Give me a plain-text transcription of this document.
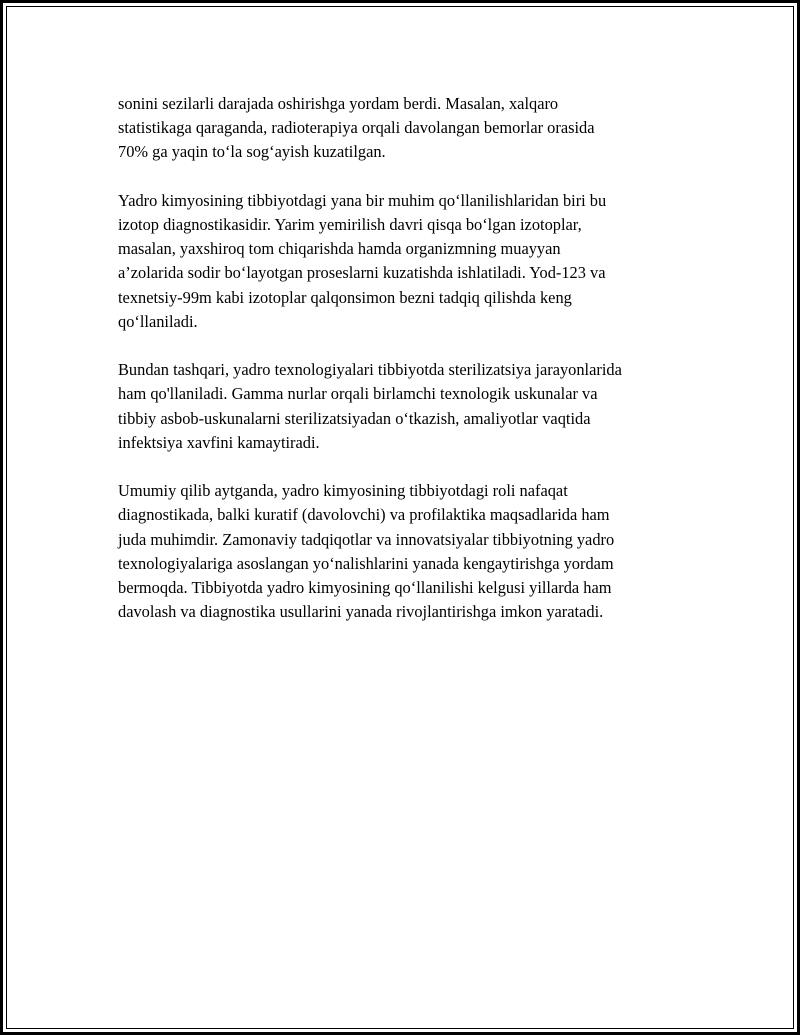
sonini sezilarli darajada oshirishga yordam berdi. Masalan, xalqaro
statistikaga qaraganda, radioterapiya orqali davolangan bemorlar orasida
70% ga yaqin to‘la sog‘ayish kuzatilgan.

Yadro kimyosining tibbiyotdagi yana bir muhim qo‘llanilishlaridan biri bu
izotop diagnostikasidir. Yarim yemirilish davri qisqa bo‘lgan izotoplar,
masalan, yaxshiroq tom chiqarishda hamda organizmning muayyan
a’zolarida sodir bo‘layotgan proseslarni kuzatishda ishlatiladi. Yod-123 va
texnetsiy-99m kabi izotoplar qalqonsimon bezni tadqiq qilishda keng
qo‘llaniladi.

Bundan tashqari, yadro texnologiyalari tibbiyotda sterilizatsiya jarayonlarida
ham qo'llaniladi. Gamma nurlar orqali birlamchi texnologik uskunalar va
tibbiy asbob-uskunalarni sterilizatsiyadan o‘tkazish, amaliyotlar vaqtida
infektsiya xavfini kamaytiradi.

Umumiy qilib aytganda, yadro kimyosining tibbiyotdagi roli nafaqat
diagnostikada, balki kuratif (davolovchi) va profilaktika maqsadlarida ham
juda muhimdir. Zamonaviy tadqiqotlar va innovatsiyalar tibbiyotning yadro
texnologiyalariga asoslangan yo‘nalishlarini yanada kengaytirishga yordam
bermoqda. Tibbiyotda yadro kimyosining qo‘llanilishi kelgusi yillarda ham
davolash va diagnostika usullarini yanada rivojlantirishga imkon yaratadi.
